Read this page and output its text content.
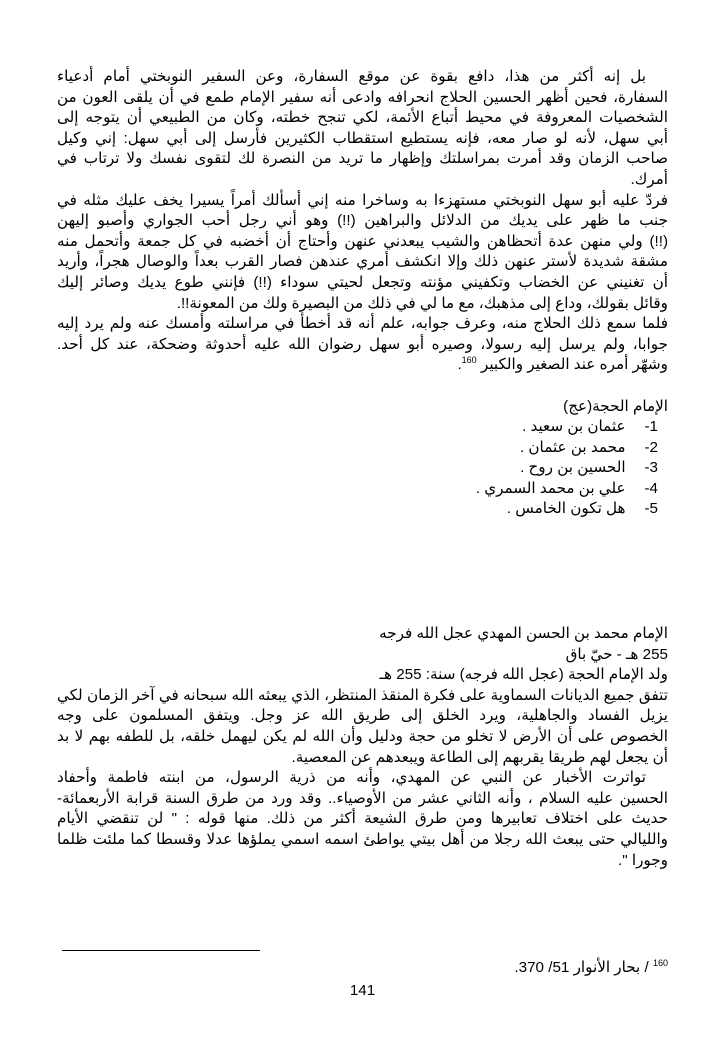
بل إنه أكثر من هذا، دافع بقوة عن موقع السفارة، وعن السفير النوبختي أمام أدعياء
السفارة، فحين أظهر الحسين الحلاج انحرافه وادعى أنه سفير الإمام طمع في أن يلقى العون من
الشخصيات المعروفة في محيط أتباع الأئمة، لكي تنجح خطته، وكان من الطبيعي أن يتوجه إلى
أبي سهل، لأنه لو صار معه، فإنه يستطيع استقطاب الكثيرين فأرسل إلى أبي سهل: إني وكيل
صاحب الزمان وقد أمرت بمراسلتك وإظهار ما تريد من النصرة لك لتقوى نفسك ولا ترتاب في
أمرك.
فردّ عليه أبو سهل النوبختي مستهزءا به وساخرا منه إني أسألك أمراً يسيرا يخف عليك مثله في
جنب ما ظهر على يديك من الدلائل والبراهين (!!) وهو أني رجل أحب الجواري وأصبو إليهن
(!!) ولي منهن عدة أتحظاهن والشيب يبعدني عنهن وأحتاج أن أخضبه في كل جمعة وأتحمل منه
مشقة شديدة لأستر عنهن ذلك وإلا انكشف أمري عندهن فصار القرب بعداً والوصال هجراً، وأريد
أن تغنيني عن الخضاب وتكفيني مؤنته وتجعل لحيتي سوداء (!!) فإنني طوع يديك وصائر إليك
وقائل بقولك، وداع إلى مذهبك، مع ما لي في ذلك من البصيرة ولك من المعونة!!.
فلما سمع ذلك الحلاج منه، وعرف جوابه، علم أنه قد أخطأ في مراسلته وأمسك عنه ولم يرد إليه
جوابا، ولم يرسل إليه رسولا، وصيره أبو سهل رضوان الله عليه أحدوثة وضحكة، عند كل أحد.
وشهّر أمره عند الصغير والكبير $^{160}$.
الإمام الحجة(عج)
-1  عثمان بن سعيد .
-2  محمد بن عثمان .
-3  الحسين بن روح .
-4  علي بن محمد السمري .
-5  هل تكون الخامس .
الإمام محمد بن الحسن المهدي عجل الله فرجه
255 هـ - حيّ باق
ولد الإمام الحجة (عجل الله فرجه) سنة: 255 هـ
تتفق جميع الديانات السماوية على فكرة المنقذ المنتظر، الذي يبعثه الله سبحانه في آخر الزمان لكي
يزيل الفساد والجاهلية، ويرد الخلق إلى طريق الله عز وجل. ويتفق المسلمون على وجه
الخصوص على أن الأرض لا تخلو من حجة ودليل وأن الله لم يكن ليهمل خلقه، بل للطفه بهم لا بد
أن يجعل لهم طريقا يقربهم إلى الطاعة ويبعدهم عن المعصية.
تواترت الأخبار عن النبي عن المهدي، وأنه من ذرية الرسول، من ابنته فاطمة وأحفاد
الحسين عليه السلام ، وأنه الثاني عشر من الأوصياء.. وقد ورد من طرق السنة قرابة الأربعمائة-
حديث على اختلاف تعابيرها ومن طرق الشيعة أكثر من ذلك. منها قوله : " لن تنقضي الأيام
والليالي حتى يبعث الله رجلا من أهل بيتي يواطئ اسمه اسمي يملؤها عدلا وقسطا كما ملئت ظلما
وجورا ".
$^{160}$ / بحار الأنوار 51/ 370.
141
